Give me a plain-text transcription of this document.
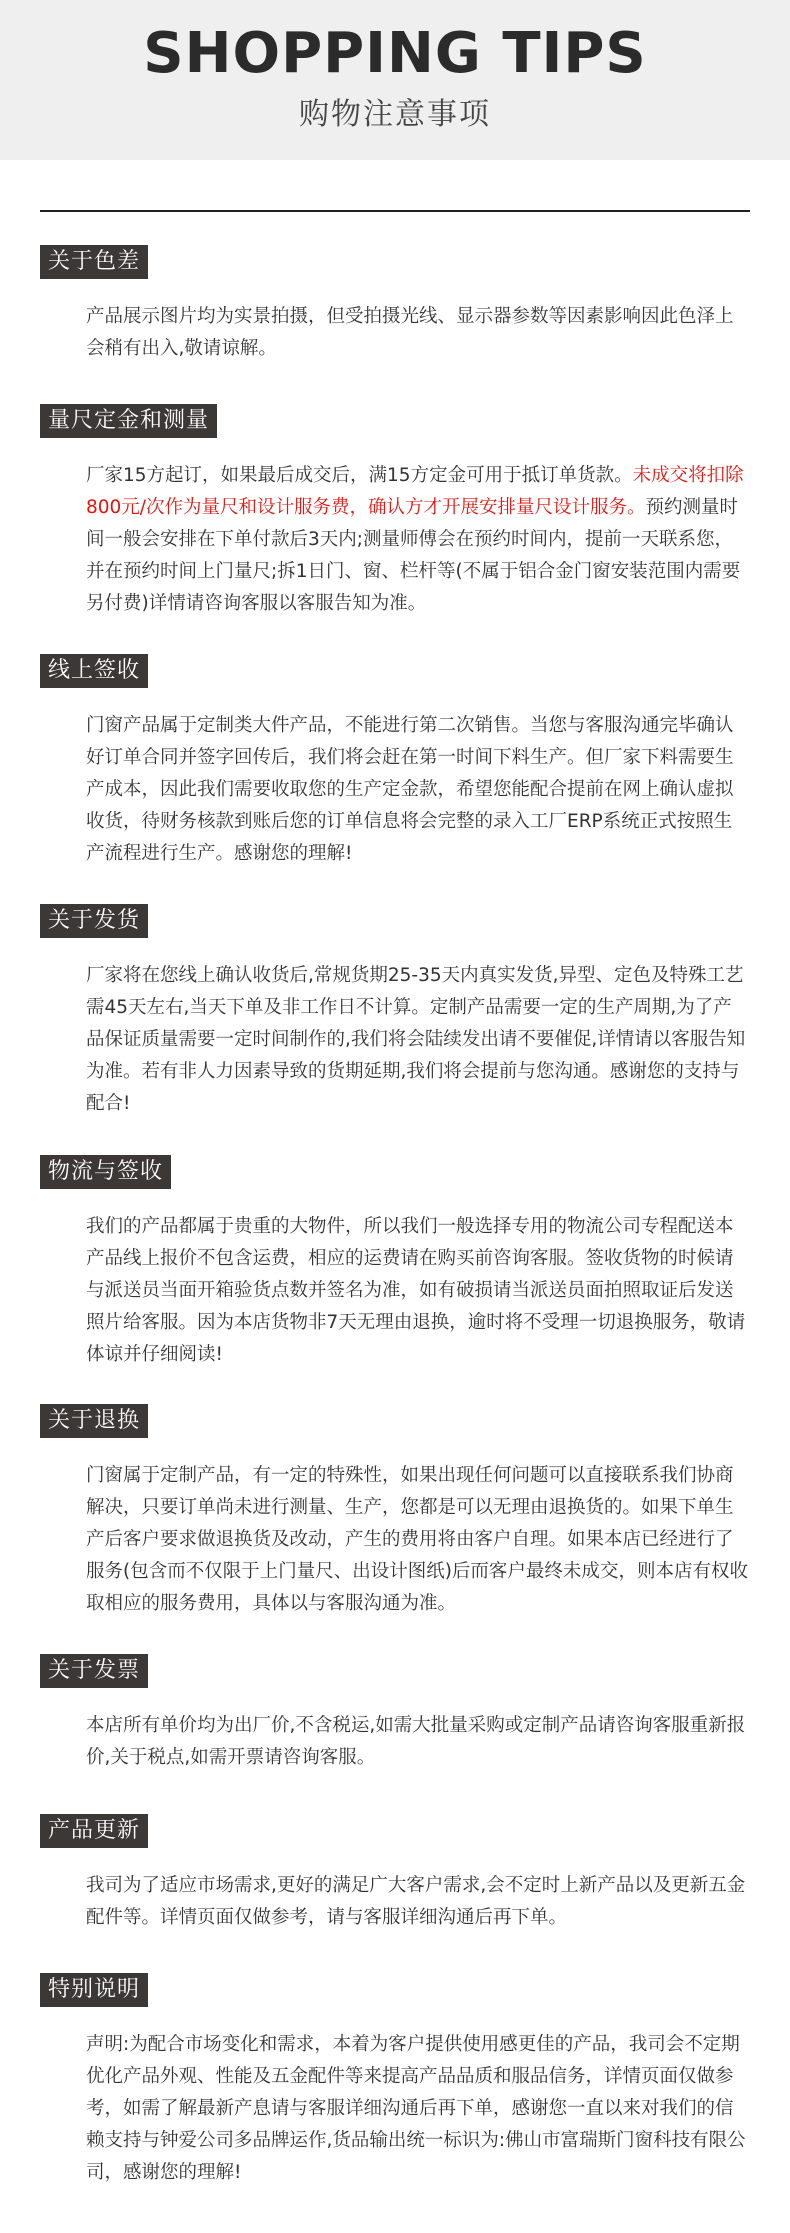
SHOPPING TIPS
购物注意事项
关于色差

产品展示图片均为实景拍摄，但受拍摄光线、显示器参数等因素影响因此色泽上会稍有出入,敬请谅解。

量尺定金和测量

厂家15方起订，如果最后成交后，满15方定金可用于抵订单货款。未成交将扣除800元/次作为量尺和设计服务费，确认方才开展安排量尺设计服务。预约测量时间一般会安排在下单付款后3天内;测量师傅会在预约时间内，提前一天联系您，并在预约时间上门量尺;拆1日门、窗、栏杆等(不属于铝合金门窗安装范围内需要另付费)详情请咨询客服以客服告知为准。

线上签收

门窗产品属于定制类大件产品，不能进行第二次销售。当您与客服沟通完毕确认好订单合同并签字回传后，我们将会赶在第一时间下料生产。但厂家下料需要生产成本，因此我们需要收取您的生产定金款，希望您能配合提前在网上确认虚拟收货，待财务核款到账后您的订单信息将会完整的录入工厂ERP系统正式按照生产流程进行生产。感谢您的理解!

关于发货

厂家将在您线上确认收货后,常规货期25-35天内真实发货,异型、定色及特殊工艺需45天左右,当天下单及非工作日不计算。定制产品需要一定的生产周期,为了产品保证质量需要一定时间制作的,我们将会陆续发出请不要催促,详情请以客服告知为准。若有非人力因素导致的货期延期,我们将会提前与您沟通。感谢您的支持与配合!

物流与签收

我们的产品都属于贵重的大物件，所以我们一般选择专用的物流公司专程配送本产品线上报价不包含运费，相应的运费请在购买前咨询客服。签收货物的时候请与派送员当面开箱验货点数并签名为准，如有破损请当派送员面拍照取证后发送照片给客服。因为本店货物非7天无理由退换，逾时将不受理一切退换服务，敬请体谅并仔细阅读!

关于退换

门窗属于定制产品，有一定的特殊性，如果出现任何问题可以直接联系我们协商解决，只要订单尚未进行测量、生产，您都是可以无理由退换货的。如果下单生产后客户要求做退换货及改动，产生的费用将由客户自理。如果本店已经进行了服务(包含而不仅限于上门量尺、出设计图纸)后而客户最终未成交，则本店有权收取相应的服务费用，具体以与客服沟通为准。

关于发票

本店所有单价均为出厂价,不含税运,如需大批量采购或定制产品请咨询客服重新报价,关于税点,如需开票请咨询客服。

产品更新

我司为了适应市场需求,更好的满足广大客户需求,会不定时上新产品以及更新五金配件等。详情页面仅做参考，请与客服详细沟通后再下单。

特别说明

声明:为配合市场变化和需求，本着为客户提供使用感更佳的产品，我司会不定期优化产品外观、性能及五金配件等来提高产品品质和服品信务，详情页面仅做参考，如需了解最新产息请与客服详细沟通后再下单，感谢您一直以来对我们的信赖支持与钟爱公司多品牌运作,货品输出统一标识为:佛山市富瑞斯门窗科技有限公司，感谢您的理解!
